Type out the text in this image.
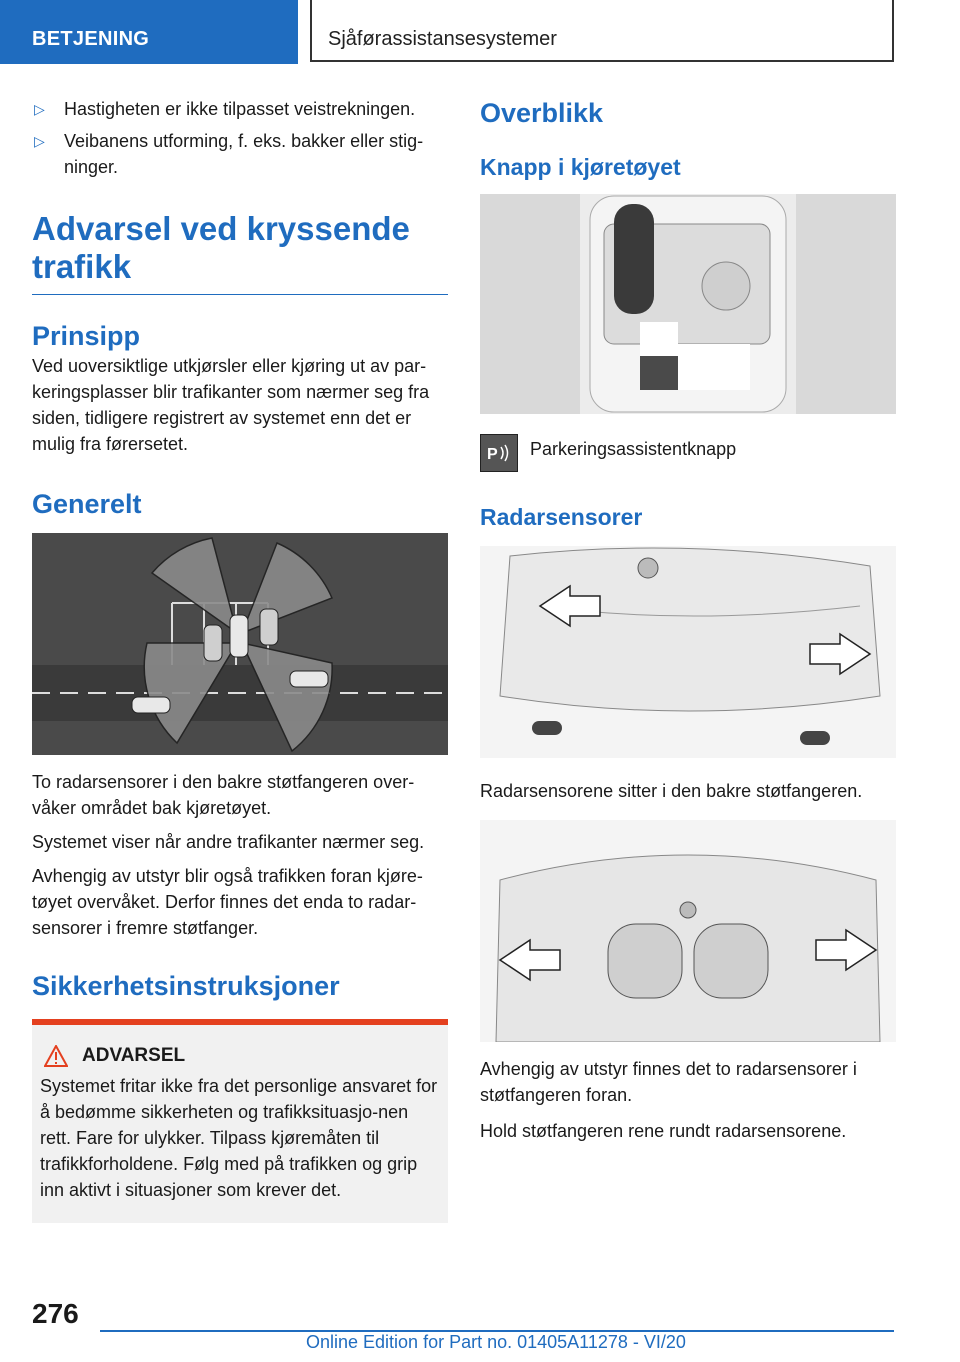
BETJENING	Sjåførassistansesystemer
▷	Hastigheten er ikke tilpasset veistrekningen.
▷	Veibanens utforming, f. eks. bakker eller stig‐ninger.
Advarsel ved kryssende trafikk
Prinsipp

Ved uoversiktlige utkjørsler eller kjøring ut av par‐keringsplasser blir trafikanter som nærmer seg fra siden, tidligere registrert av systemet enn det er mulig fra førersetet.

Generelt

To radarsensorer i den bakre støtfangeren over‐våker området bak kjøretøyet.

Systemet viser når andre trafikanter nærmer seg.

Avhengig av utstyr blir også trafikken foran kjøre‐tøyet overvåket. Derfor finnes det enda to radar‐sensorer i fremre støtfanger.

Sikkerhetsinstruksjoner
ADVARSEL

Systemet fritar ikke fra det personlige ansvaret for å bedømme sikkerheten og trafikksituasjo‐nen rett. Fare for ulykker. Tilpass kjøremåten til trafikkforholdene. Følg med på trafikken og grip inn aktivt i situasjoner som krever det.

Overblikk
Knapp i kjøretøyet
P Parkeringsassistentknapp

Radarsensorer

Radarsensorene sitter i den bakre støtfangeren.

Avhengig av utstyr finnes det to radarsensorer i støtfangeren foran.

Hold støtfangeren rene rundt radarsensorene.

276
Online Edition for Part no. 01405A11278 - VI/20
